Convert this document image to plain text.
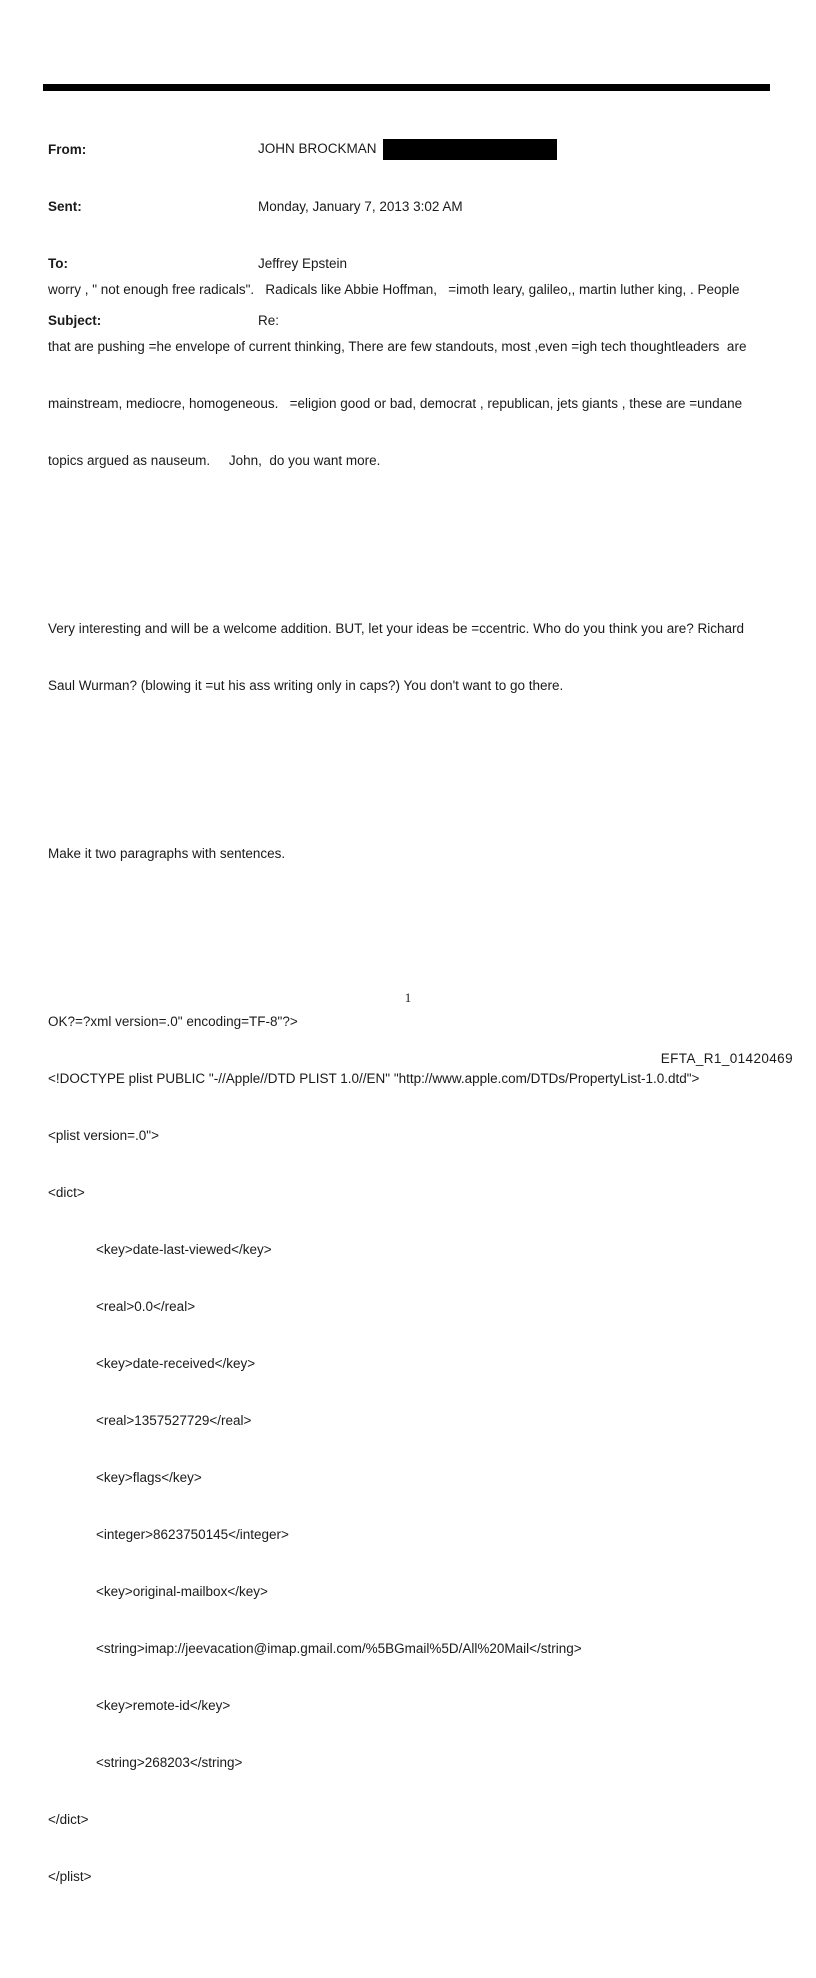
From:	JOHN BROCKMAN

Sent:	Monday, January 7, 2013 3:02 AM

To:	Jeffrey Epstein

Subject:	Re:

worry , " not enough free radicals".   Radicals like Abbie Hoffman,   =imoth leary, galileo,, martin luther king, . People

that are pushing =he envelope of current thinking, There are few standouts, most ,even =igh tech thoughtleaders  are

mainstream, mediocre, homogeneous.   =eligion good or bad, democrat , republican, jets giants , these are =undane

topics argued as nauseum.     John,  do you want more.

Very interesting and will be a welcome addition. BUT, let your ideas be =ccentric. Who do you think you are? Richard

Saul Wurman? (blowing it =ut his ass writing only in caps?) You don't want to go there.

Make it two paragraphs with sentences.

OK?=?xml version=.0" encoding=TF-8"?>

<!DOCTYPE plist PUBLIC "-//Apple//DTD PLIST 1.0//EN" "http://www.apple.com/DTDs/PropertyList-1.0.dtd">

<plist version=.0">

<dict>

<key>date-last-viewed</key>

<real>0.0</real>

<key>date-received</key>

<real>1357527729</real>

<key>flags</key>

<integer>8623750145</integer>

<key>original-mailbox</key>

<string>imap://jeevacation@imap.gmail.com/%5BGmail%5D/All%20Mail</string>

<key>remote-id</key>

<string>268203</string>

</dict>

</plist>

1
EFTA_R1_01420469
